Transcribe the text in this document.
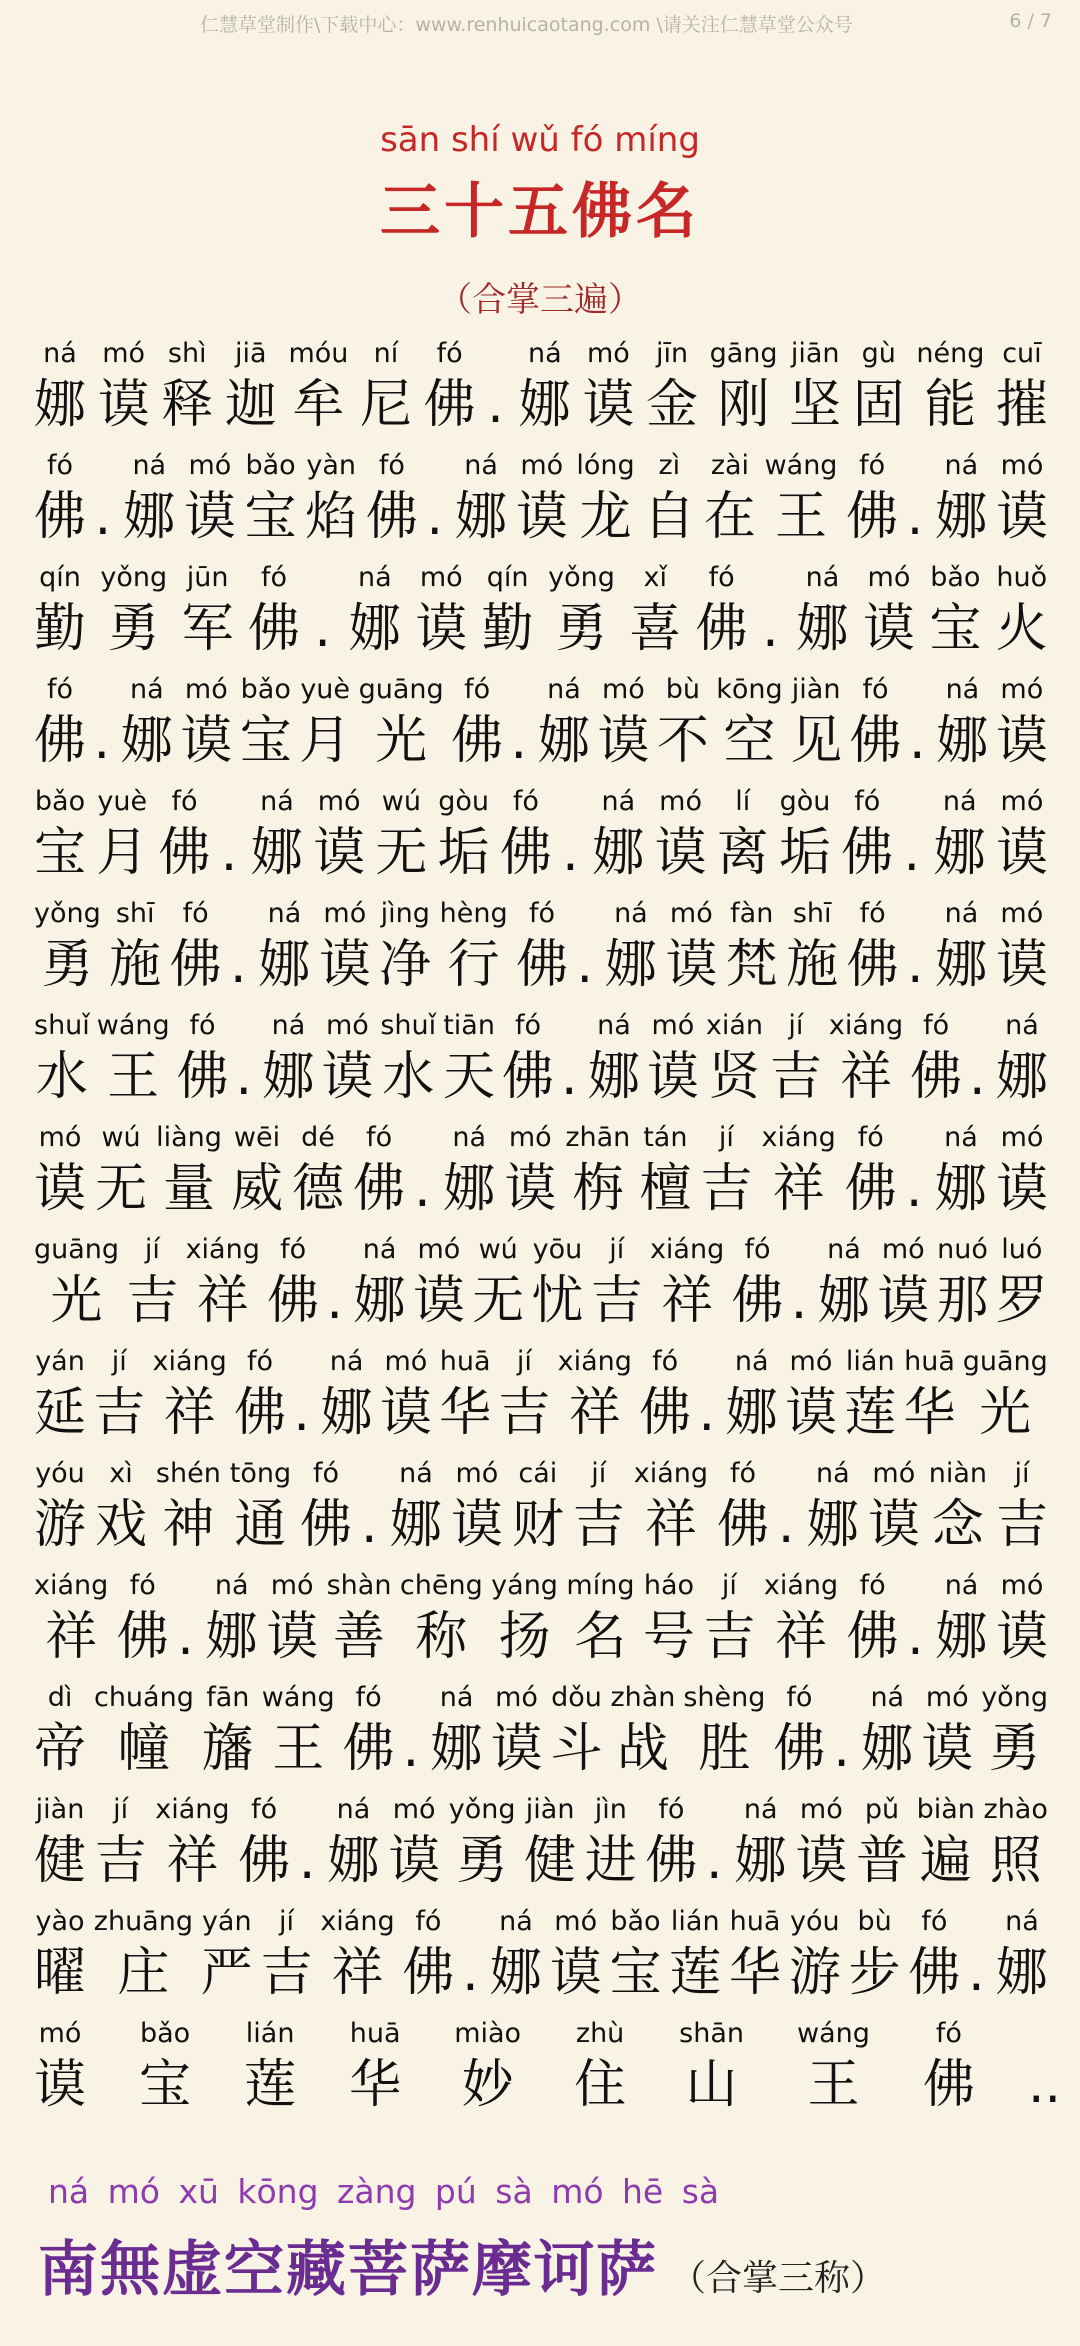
仁慧草堂制作\下载中心：www.renhuicaotang.com \请关注仁慧草堂公众号	6 / 7
sān shí wǔ fó míng
三十五佛名
（合掌三遍）
ná
娜
mó
谟
shì
释
jiā
迦
móu
牟
ní
尼
fó
佛 .
ná
娜
mó
谟
jīn
金
gāng
刚
jiān
坚
gù
固
néng
能
cuī
摧
fó
佛 .
ná
娜
mó
谟
bǎo
宝
yàn
焰
fó
佛 .
ná
娜
mó
谟
lóng
龙
zì
自
zài
在
wáng
王
fó
佛 .
ná
娜
mó
谟
qín
勤
yǒng
勇
jūn
军
fó
佛 .
ná
娜
mó
谟
qín
勤
yǒng
勇
xǐ
喜
fó
佛 .
ná
娜
mó
谟
bǎo
宝
huǒ
火
fó
佛 .
ná
娜
mó
谟
bǎo
宝
yuè
月
guāng
光
fó
佛 .
ná
娜
mó
谟
bù
不
kōng
空
jiàn
见
fó
佛 .
ná
娜
mó
谟
bǎo
宝
yuè
月
fó
佛 .
ná
娜
mó
谟
wú
无
gòu
垢
fó
佛 .
ná
娜
mó
谟
lí
离
gòu
垢
fó
佛 .
ná
娜
mó
谟
yǒng
勇
shī
施
fó
佛 .
ná
娜
mó
谟
jìng
净
hèng
行
fó
佛 .
ná
娜
mó
谟
fàn
梵
shī
施
fó
佛 .
ná
娜
mó
谟
shuǐ
水
wáng
王
fó
佛 .
ná
娜
mó
谟
shuǐ
水
tiān
天
fó
佛 .
ná
娜
mó
谟
xián
贤
jí
吉
xiáng
祥
fó
佛 .
ná
娜
mó
谟
wú
无
liàng
量
wēi
威
dé
德
fó
佛 .
ná
娜
mó
谟
zhān
栴
tán
檀
jí
吉
xiáng
祥
fó
佛 .
ná
娜
mó
谟
guāng
光
jí
吉
xiáng
祥
fó
佛 .
ná
娜
mó
谟
wú
无
yōu
忧
jí
吉
xiáng
祥
fó
佛 .
ná
娜
mó
谟
nuó
那
luó
罗
yán
延
jí
吉
xiáng
祥
fó
佛 .
ná
娜
mó
谟
huā
华
jí
吉
xiáng
祥
fó
佛 .
ná
娜
mó
谟
lián
莲
huā
华
guāng
光
yóu
游
xì
戏
shén
神
tōng
通
fó
佛 .
ná
娜
mó
谟
cái
财
jí
吉
xiáng
祥
fó
佛 .
ná
娜
mó
谟
niàn
念
jí
吉
xiáng
祥
fó
佛 .
ná
娜
mó
谟
shàn
善
chēng
称
yáng
扬
míng
名
háo
号
jí
吉
xiáng
祥
fó
佛 .
ná
娜
mó
谟
dì
帝
chuáng
幢
fān
旛
wáng
王
fó
佛 .
ná
娜
mó
谟
dǒu
斗
zhàn
战
shèng
胜
fó
佛 .
ná
娜
mó
谟
yǒng
勇
jiàn
健
jí
吉
xiáng
祥
fó
佛 .
ná
娜
mó
谟
yǒng
勇
jiàn
健
jìn
进
fó
佛 .
ná
娜
mó
谟
pǔ
普
biàn
遍
zhào
照
yào
曜
zhuāng
庄
yán
严
jí
吉
xiáng
祥
fó
佛 .
ná
娜
mó
谟
bǎo
宝
lián
莲
huā
华
yóu
游
bù
步
fó
佛 .
ná
娜
mó
谟
bǎo
宝
lián
莲
huā
华
miào
妙
zhù
住
shān
山
wáng
王
fó
佛 ..
ná mó xū kōng zàng pú sà mó hē sà
南無虚空藏菩萨摩诃萨 （合掌三称）
